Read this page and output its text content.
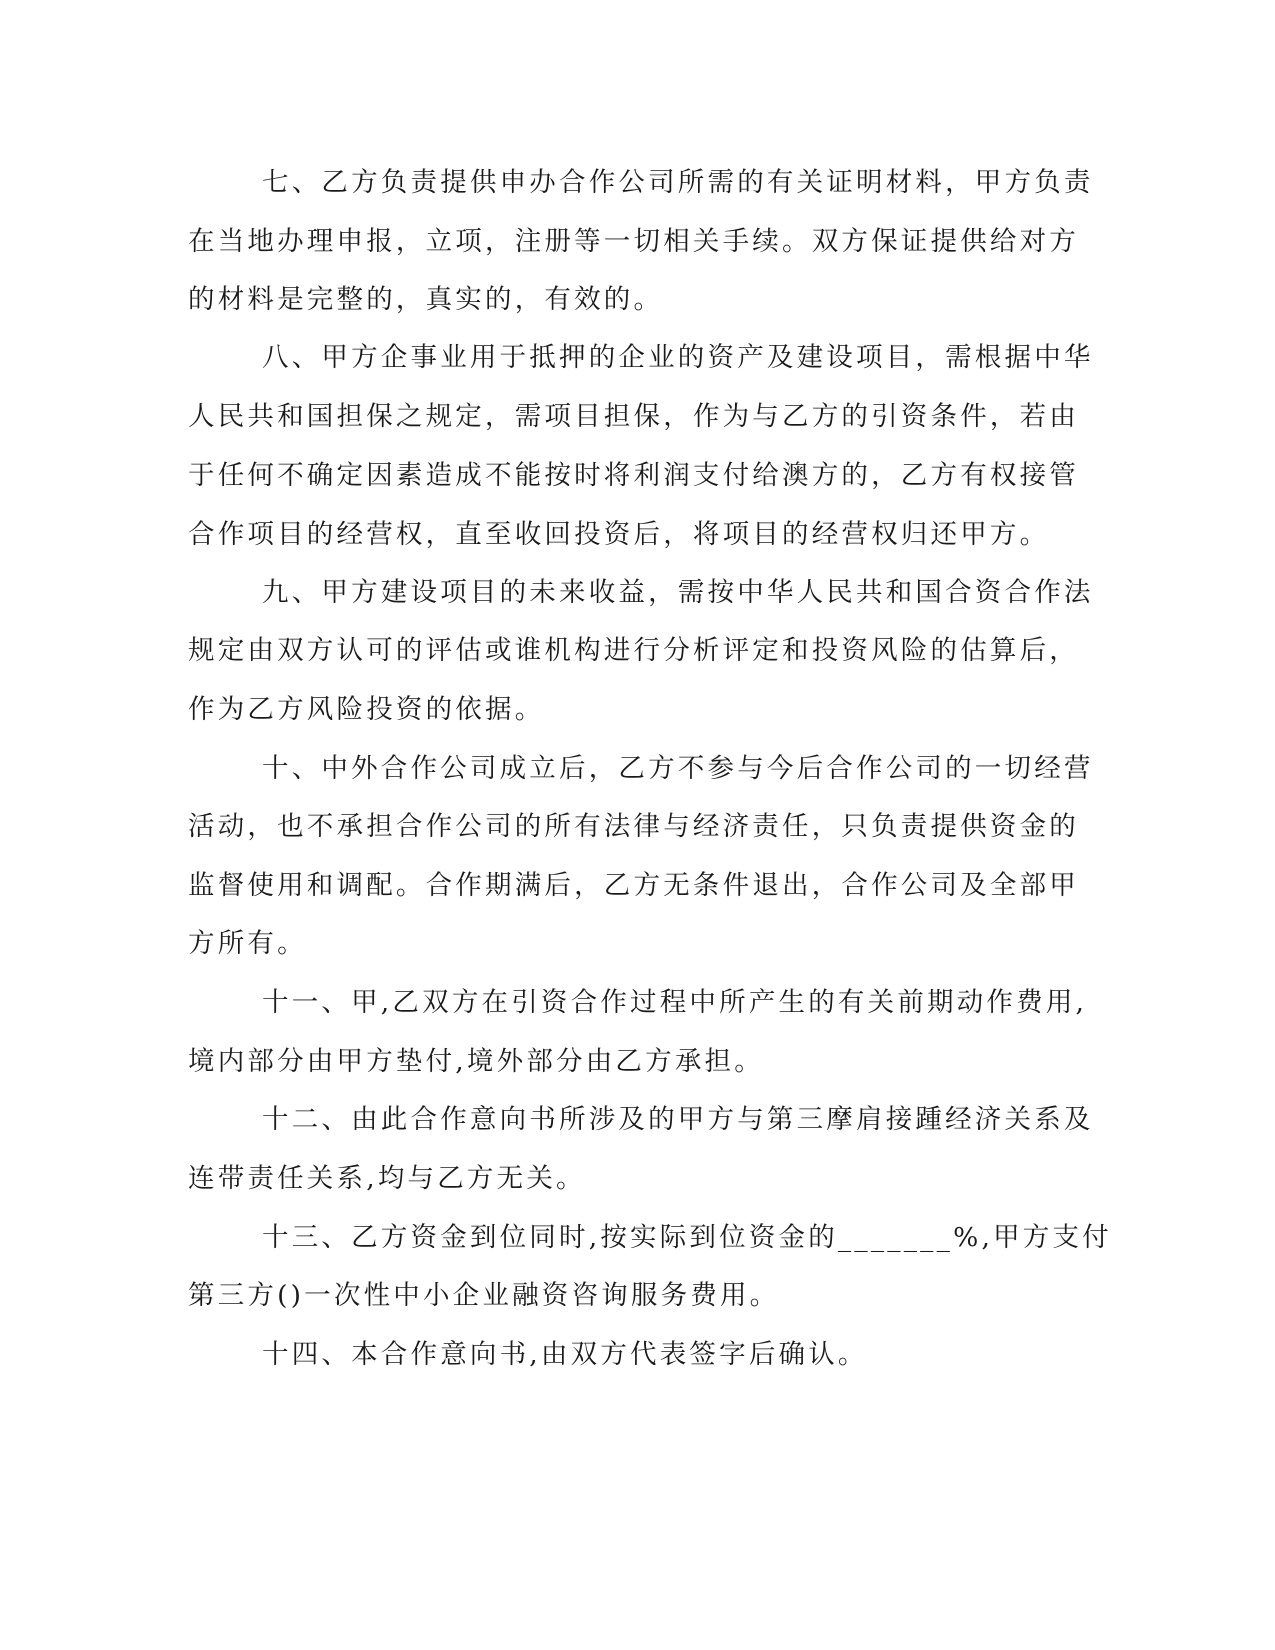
七、乙方负责提供申办合作公司所需的有关证明材料，甲方负责
在当地办理申报，立项，注册等一切相关手续。双方保证提供给对方
的材料是完整的，真实的，有效的。
八、甲方企事业用于抵押的企业的资产及建设项目，需根据中华
人民共和国担保之规定，需项目担保，作为与乙方的引资条件，若由
于任何不确定因素造成不能按时将利润支付给澳方的，乙方有权接管
合作项目的经营权，直至收回投资后，将项目的经营权归还甲方。
九、甲方建设项目的未来收益，需按中华人民共和国合资合作法
规定由双方认可的评估或谁机构进行分析评定和投资风险的估算后，
作为乙方风险投资的依据。
十、中外合作公司成立后，乙方不参与今后合作公司的一切经营
活动，也不承担合作公司的所有法律与经济责任，只负责提供资金的
监督使用和调配。合作期满后，乙方无条件退出，合作公司及全部甲
方所有。
十一、甲,乙双方在引资合作过程中所产生的有关前期动作费用,
境内部分由甲方垫付,境外部分由乙方承担。
十二、由此合作意向书所涉及的甲方与第三摩肩接踵经济关系及
连带责任关系,均与乙方无关。
十三、乙方资金到位同时,按实际到位资金的_______%,甲方支付
第三方()一次性中小企业融资咨询服务费用。
十四、本合作意向书,由双方代表签字后确认。
